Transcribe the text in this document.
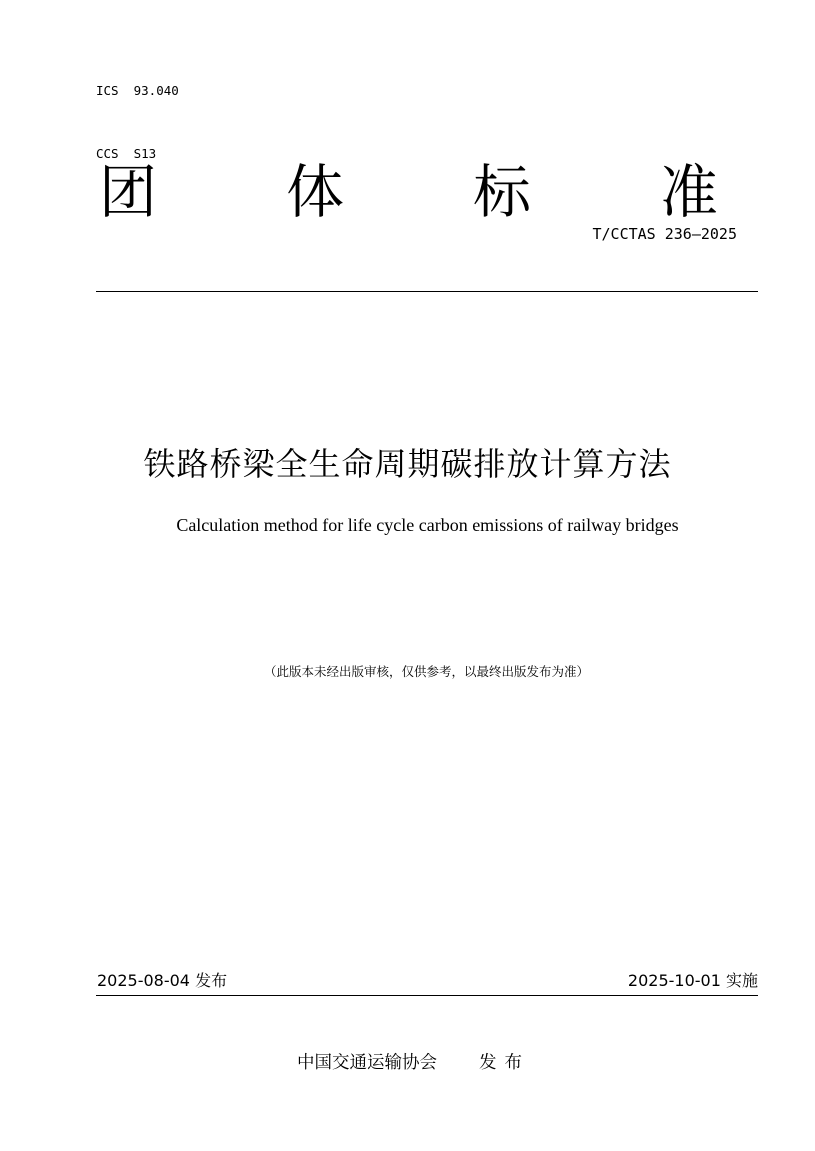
ICS  93.040

CCS  S13

团 体 标 准
T/CCTAS 236—2025
铁路桥梁全生命周期碳排放计算方法
Calculation method for life cycle carbon emissions of railway bridges
（此版本未经出版审核，仅供参考，以最终出版发布为准）
2025-08-04 发布	2025-10-01 实施
中国交通运输协会 发布
